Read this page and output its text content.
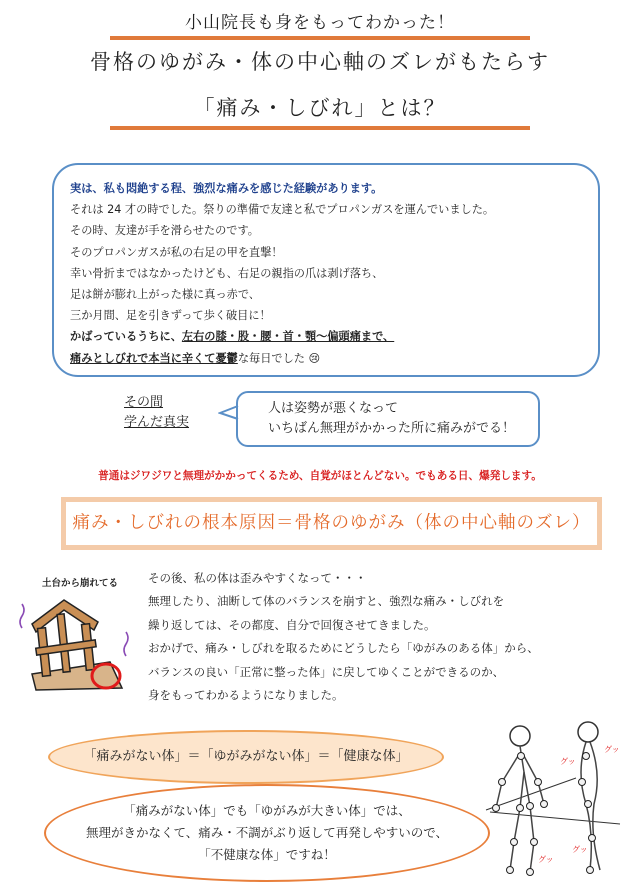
小山院長も身をもってわかった！
骨格のゆがみ・体の中心軸のズレがもたらす
「痛み・しびれ」とは？
実は、私も悶絶する程、強烈な痛みを感じた経験があります。
それは 24 才の時でした。祭りの準備で友達と私でプロパンガスを運んでいました。
その時、友達が手を滑らせたのです。
そのプロパンガスが私の右足の甲を直撃！
幸い骨折まではなかったけども、右足の親指の爪は剥げ落ち、
足は餅が膨れ上がった様に真っ赤で、
三か月間、足を引きずって歩く破目に！
かばっているうちに、左右の膝・股・腰・首・顎〜偏頭痛まで、
痛みとしびれで本当に辛くて憂鬱な毎日でした 😢
その間
学んだ真実
人は姿勢が悪くなって
いちばん無理がかかった所に痛みがでる！
普通はジワジワと無理がかかってくるため、自覚がほとんどない。でもある日、爆発します。
痛み・しびれの根本原因＝骨格のゆがみ（体の中心軸のズレ）
土台から崩れてる	その後、私の体は歪みやすくなって・・・
無理したり、油断して体のバランスを崩すと、強烈な痛み・しびれを
繰り返しては、その都度、自分で回復させてきました。
おかげで、痛み・しびれを取るためにどうしたら「ゆがみのある体」から、
バランスの良い「正常に整った体」に戻してゆくことができるのか、
身をもってわかるようになりました。
「痛みがない体」＝「ゆがみがない体」＝「健康な体」
「痛みがない体」でも「ゆがみが大きい体」では、
無理がきかなくて、痛み・不調がぶり返して再発しやすいので、
「不健康な体」ですね！
グッ
グッ
グッ
グッ
